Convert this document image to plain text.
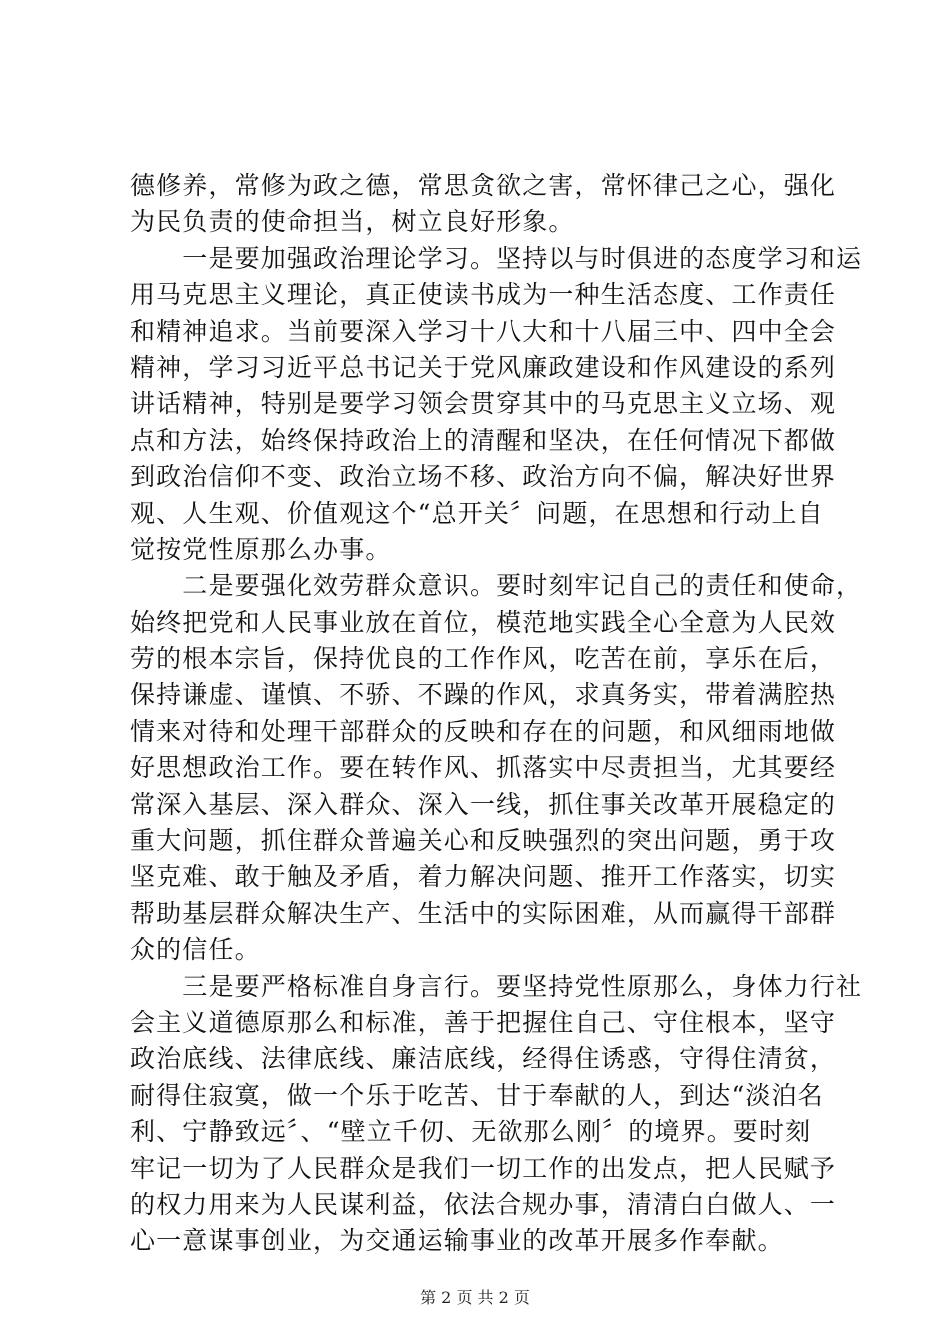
德修养，常修为政之德，常思贪欲之害，常怀律己之心，强化
为民负责的使命担当，树立良好形象。
　　一是要加强政治理论学习。坚持以与时俱进的态度学习和运
用马克思主义理论，真正使读书成为一种生活态度、工作责任
和精神追求。当前要深入学习十八大和十八届三中、四中全会
精神，学习习近平总书记关于党风廉政建设和作风建设的系列
讲话精神，特别是要学习领会贯穿其中的马克思主义立场、观
点和方法，始终保持政治上的清醒和坚决，在任何情况下都做
到政治信仰不变、政治立场不移、政治方向不偏，解决好世界
观、人生观、价值观这个“总开关〞问题，在思想和行动上自
觉按党性原那么办事。
　　二是要强化效劳群众意识。要时刻牢记自己的责任和使命，
始终把党和人民事业放在首位，模范地实践全心全意为人民效
劳的根本宗旨，保持优良的工作作风，吃苦在前，享乐在后，
保持谦虚、谨慎、不骄、不躁的作风，求真务实，带着满腔热
情来对待和处理干部群众的反映和存在的问题，和风细雨地做
好思想政治工作。要在转作风、抓落实中尽责担当，尤其要经
常深入基层、深入群众、深入一线，抓住事关改革开展稳定的
重大问题，抓住群众普遍关心和反映强烈的突出问题，勇于攻
坚克难、敢于触及矛盾，着力解决问题、推开工作落实，切实
帮助基层群众解决生产、生活中的实际困难，从而赢得干部群
众的信任。
　　三是要严格标准自身言行。要坚持党性原那么，身体力行社
会主义道德原那么和标准，善于把握住自己、守住根本，坚守
政治底线、法律底线、廉洁底线，经得住诱惑，守得住清贫，
耐得住寂寞，做一个乐于吃苦、甘于奉献的人，到达“淡泊名
利、宁静致远〞、“壁立千仞、无欲那么刚〞的境界。要时刻
牢记一切为了人民群众是我们一切工作的出发点，把人民赋予
的权力用来为人民谋利益，依法合规办事，清清白白做人、一
心一意谋事创业，为交通运输事业的改革开展多作奉献。
第 2 页 共 2 页
